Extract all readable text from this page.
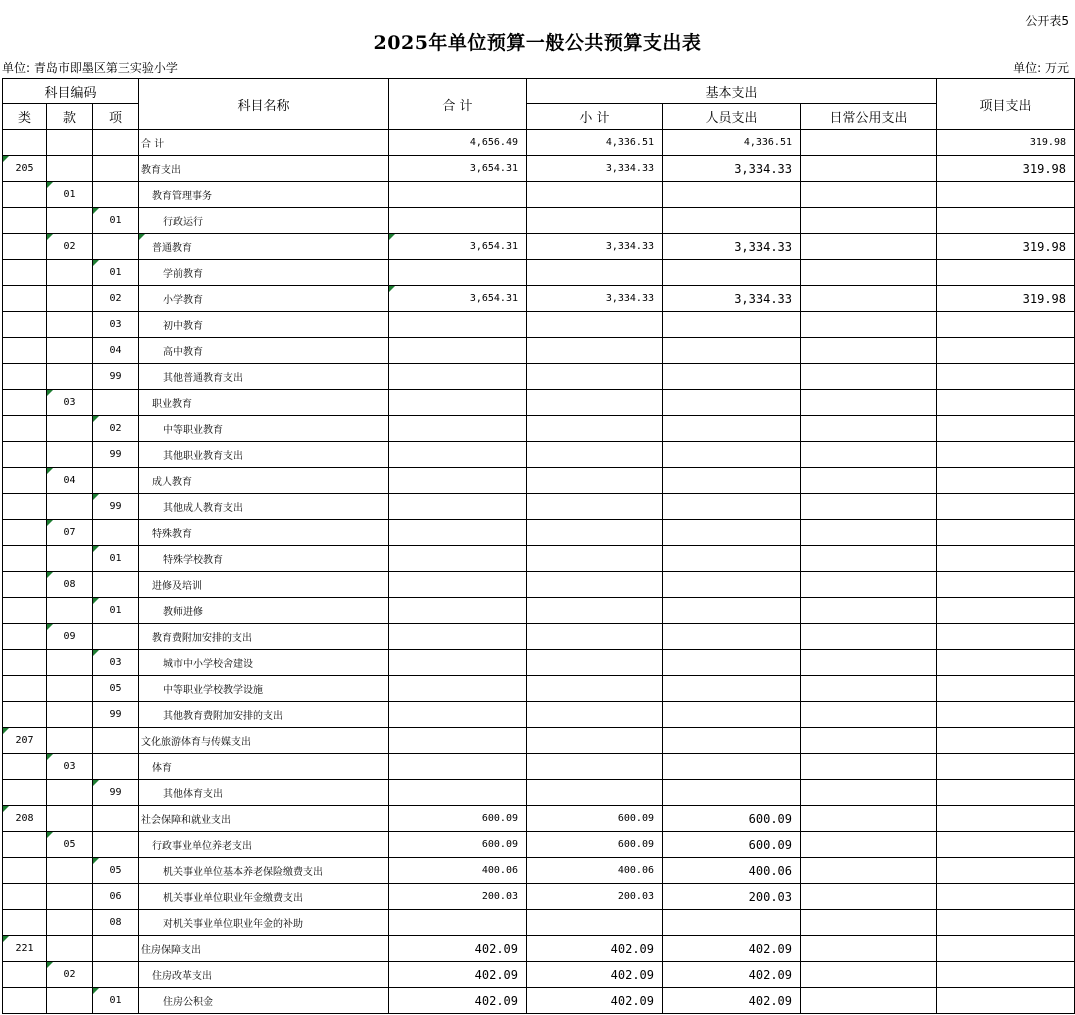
公开表5
2025年单位预算一般公共预算支出表
单位: 青岛市即墨区第三实验小学	单位: 万元
科目编码			科目名称	合 计	基本支出			项目支出
类	款	项			小 计	人员支出	日常公用支出	
			合 计	4,656.49	4,336.51	4,336.51		319.98
205			教育支出	3,654.31	3,334.33	3,334.33		319.98
	01		教育管理事务					
		01	行政运行					
	02		普通教育	3,654.31	3,334.33	3,334.33		319.98
		01	学前教育					
		02	小学教育	3,654.31	3,334.33	3,334.33		319.98
		03	初中教育					
		04	高中教育					
		99	其他普通教育支出					
	03		职业教育					
		02	中等职业教育					
		99	其他职业教育支出					
	04		成人教育					
		99	其他成人教育支出					
	07		特殊教育					
		01	特殊学校教育					
	08		进修及培训					
		01	教师进修					
	09		教育费附加安排的支出					
		03	城市中小学校舍建设					
		05	中等职业学校教学设施					
		99	其他教育费附加安排的支出					
207			文化旅游体育与传媒支出					
	03		体育					
		99	其他体育支出					
208			社会保障和就业支出	600.09	600.09	600.09		
	05		行政事业单位养老支出	600.09	600.09	600.09		
		05	机关事业单位基本养老保险缴费支出	400.06	400.06	400.06		
		06	机关事业单位职业年金缴费支出	200.03	200.03	200.03		
		08	对机关事业单位职业年金的补助					
221			住房保障支出	402.09	402.09	402.09		
	02		住房改革支出	402.09	402.09	402.09		
		01	住房公积金	402.09	402.09	402.09		
